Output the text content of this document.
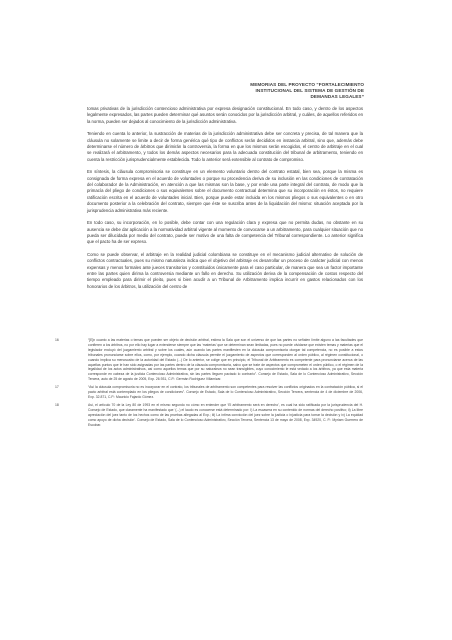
MEMORIAS DEL PROYECTO “FORTALECIMIENTO
INSTITUCIONAL DEL SISTEMA DE GESTIÓN DE
DEMANDAS LEGALES”

tomas privativas de la jurisdicción contencioso administrativa por expresa designación constitucional. En todo caso, y dentro de los aspectos legalmente expresados, las partes pueden determinar qué asuntos serán conocidos por la jurisdicción arbitral, y cuáles, de aquellos referidos en la norma, pueden ser dejados al conocimiento de la jurisdicción administrativa.

Teniendo en cuenta lo anterior, la sustracción de materias de la jurisdicción administrativa debe ser concreta y precisa, de tal manera que la cláusula no solamente se limite a decir de forma genérica qué tipo de conflictos serán decididos en instancia arbitral, sino que, además debe determinarse el número de árbitros que dirimirán la controversia, la forma en que los mismos serán escogidos, el centro de arbitraje en el cual se realizará el arbitramento, y todos los demás aspectos necesarios para la adecuada constitución del tribunal de arbitramento, teniendo en cuenta la restricción jurisprudencialmente establecida. Todo lo anterior será extensible al contrato de compromiso.

En síntesis, la cláusula compromisoria se constituye en un elemento voluntario dentro del contrato estatal, bien sea, porque la misma es consignada de forma expresa en el acuerdo de voluntades o porque su procedencia deriva de su inclusión en las condiciones de contratación del colaborador de la Administración, en atención a que las mismas son la base, y por ende una parte integral del contrato, de modo que la primacía del pliego de condiciones o sus equivalentes sobre el documento contractual determina que su incorporación en éstos, no requiere ratificación escrita en el acuerdo de voluntades inicial. Bien, porque puede estar incluida en los mismos pliegos o sus equivalentes o en otro documento posterior a la celebración del contrato, siempre que éste se suscriba antes de la liquidación del mismo: situación aceptada por la jurisprudencia administrativa más reciente.

En todo caso, su incorporación, en lo posible, debe contar con una regulación clara y expresa que no permita dudas, no obstante en su ausencia se debe dar aplicación a la normatividad arbitral vigente al momento de convocarse a un arbitramento, para cualquier situación que no pueda ser dilucidada por medio del contrato, puede ser motivo de una falta de competencia del Tribunal correspondiente. Lo anterior significa que el pacto ha de ser expreso.

Como se puede observar, el arbitraje en la realidad judicial colombiana se constituye en el mecanismo judicial alternativo de solución de conflictos contractuales, pues su mismo naturaleza indica que el objetivo del arbitraje es desarrollar un proceso de carácter judicial con menos expensas y menos formales ante jueces transitorios y constituidos únicamente para el caso particular, de manera que sea un factor importante entre las partes quien dirima la controversia mediante un fallo en derecho. Su utilización deriva de la compensación de costos respecto del tiempo empleado para dirimir el pleito, pues si bien acudir a un Tribunal de Arbitramento implica incurrir en gastos relacionados con los honorarios de los árbitros, la utilización del centro de

16	“[E]n cuanto a las materias o temas que pueden ser objeto de decisión arbitral, estima la Sala que son el universo de que las partes no señalen límite alguno a las facultades que confieren a los árbitros, no por ello hay lugar a extenderse siempre que las ‘materias’ que se determinan sean limitadas, pues no puede olvidarse que existen temas y materias que el legislador excluyó del juzgamiento arbitral y sobre los cuales, aún cuando las partes manifiesten en la cláusula compromisoria otorgar tal competencia, no es posible a estos tribunales pronunciarse sobre ellos, como, por ejemplo, cuando dicha cláusula permite el juzgamiento de aspectos que corresponden al orden público, al régimen constitucional, o cuando implica su menoscabo de la autoridad del Estado (...) De lo anterior, se colige que en principio, el Tribunal de Arbitramento es competente para pronunciarse acerca de las aquellas puntos que le han sido asignadas por las partes dentro de la cláusula compromisoria, salvo que se trate de aspectos que comprometen el orden público, o el régimen de la legalidad de los actos administrativos, así como aquellos temas que por su naturaleza no sean transigibles, cuyo conocimiento le está vedado a los árbitros, ya que esta materia corresponde en cabeza de la justicia Contencioso Administrativa, sin las partes lleguen pactado lo contrario”. Consejo de Estado, Sala de lo Contencioso Administrativo, Sección Tercera, auto de 25 de agosto de 2005, Exp. 26.931, C.P.: Germán Rodríguez Villamizar.
17	“Así la cláusula compromisoria no es incorporar en el contrato, los tribunales de arbitramento son competentes para resolver las conflictos originados en la contratación pública, si el pacto arbitral está contemplado en los pliegos de condiciones”. Consejo de Estado, Sala de lo Contencioso Administrativo, Sección Tercera, sentencia de 4 de diciembre de 2006, Exp. 32.871, C.P.: Mauricio Fajardo Gómez.
18	Así, el artículo 70 de la Ley 80 de 1993 en el mismo segundo no cómo en entender que ‘El arbitramento será en derecho’, es cual ha sido ratificada por la jurisprudencia del H. Consejo de Estado, que claramente ha manifestado que ‘(...) el laudo es conocerse está determinado por: I) La escasera en su contenido de normas del derecho positivo; ii) La libre apreciación del juez tanto de los hechos como de las pruebas allegadas al Exp.; iii) La íntima convicción del juez sobre la justicia o injusticia para tomar la decisión y iv) La equidad como apoyo de dicha decisión’. Consejo de Estado, Sala de lo Contencioso Administrativo, Sección Tercera, Sentencia 13 de mayo de 2008, Exp. 34920, C. P.: Myriam Guerrero de Escobar.
